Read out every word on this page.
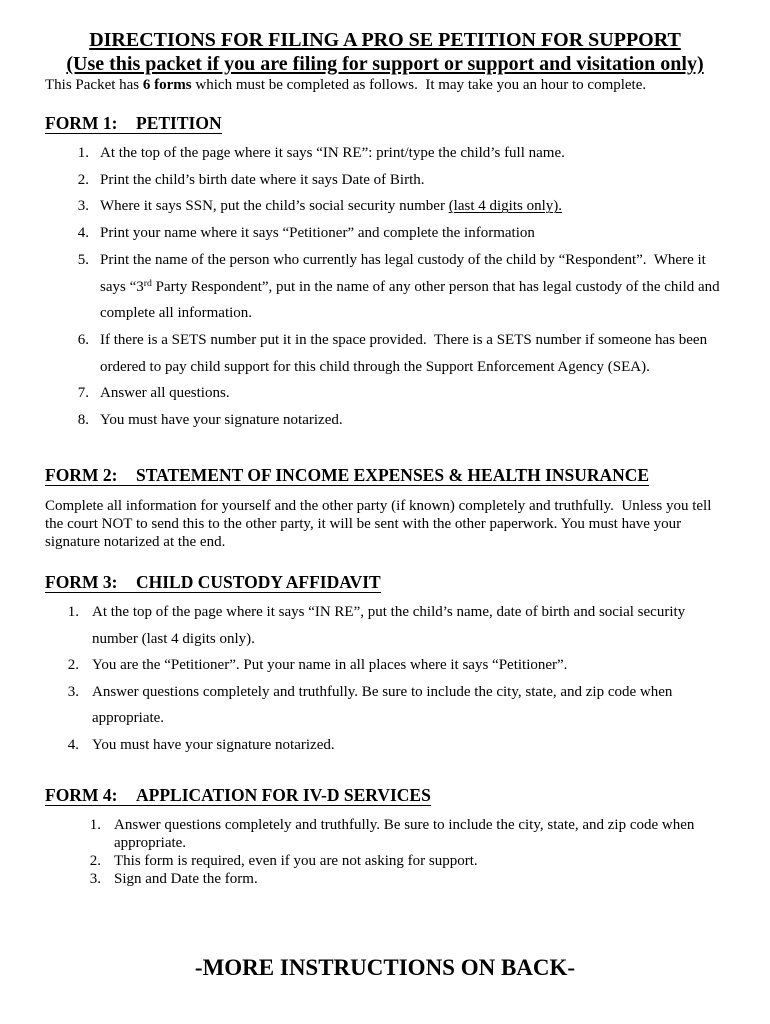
DIRECTIONS FOR FILING A PRO SE PETITION FOR SUPPORT
(Use this packet if you are filing for support or support and visitation only)
This Packet has 6 forms which must be completed as follows.  It may take you an hour to complete.
FORM 1: PETITION
1. At the top of the page where it says “IN RE”: print/type the child’s full name.
2. Print the child’s birth date where it says Date of Birth.
3. Where it says SSN, put the child’s social security number (last 4 digits only).
4. Print your name where it says “Petitioner” and complete the information
5. Print the name of the person who currently has legal custody of the child by “Respondent”.  Where it says “3rd Party Respondent”, put in the name of any other person that has legal custody of the child and complete all information.
6. If there is a SETS number put it in the space provided.  There is a SETS number if someone has been ordered to pay child support for this child through the Support Enforcement Agency (SEA).
7. Answer all questions.
8. You must have your signature notarized.
FORM 2: STATEMENT OF INCOME EXPENSES & HEALTH INSURANCE
Complete all information for yourself and the other party (if known) completely and truthfully.  Unless you tell the court NOT to send this to the other party, it will be sent with the other paperwork. You must have your signature notarized at the end.
FORM 3: CHILD CUSTODY AFFIDAVIT
1. At the top of the page where it says “IN RE”, put the child’s name, date of birth and social security number (last 4 digits only).
2. You are the “Petitioner”. Put your name in all places where it says “Petitioner”.
3. Answer questions completely and truthfully. Be sure to include the city, state, and zip code when appropriate.
4. You must have your signature notarized.
FORM 4: APPLICATION FOR IV-D SERVICES
1. Answer questions completely and truthfully. Be sure to include the city, state, and zip code when appropriate.
2. This form is required, even if you are not asking for support.
3. Sign and Date the form.
-MORE INSTRUCTIONS ON BACK-
